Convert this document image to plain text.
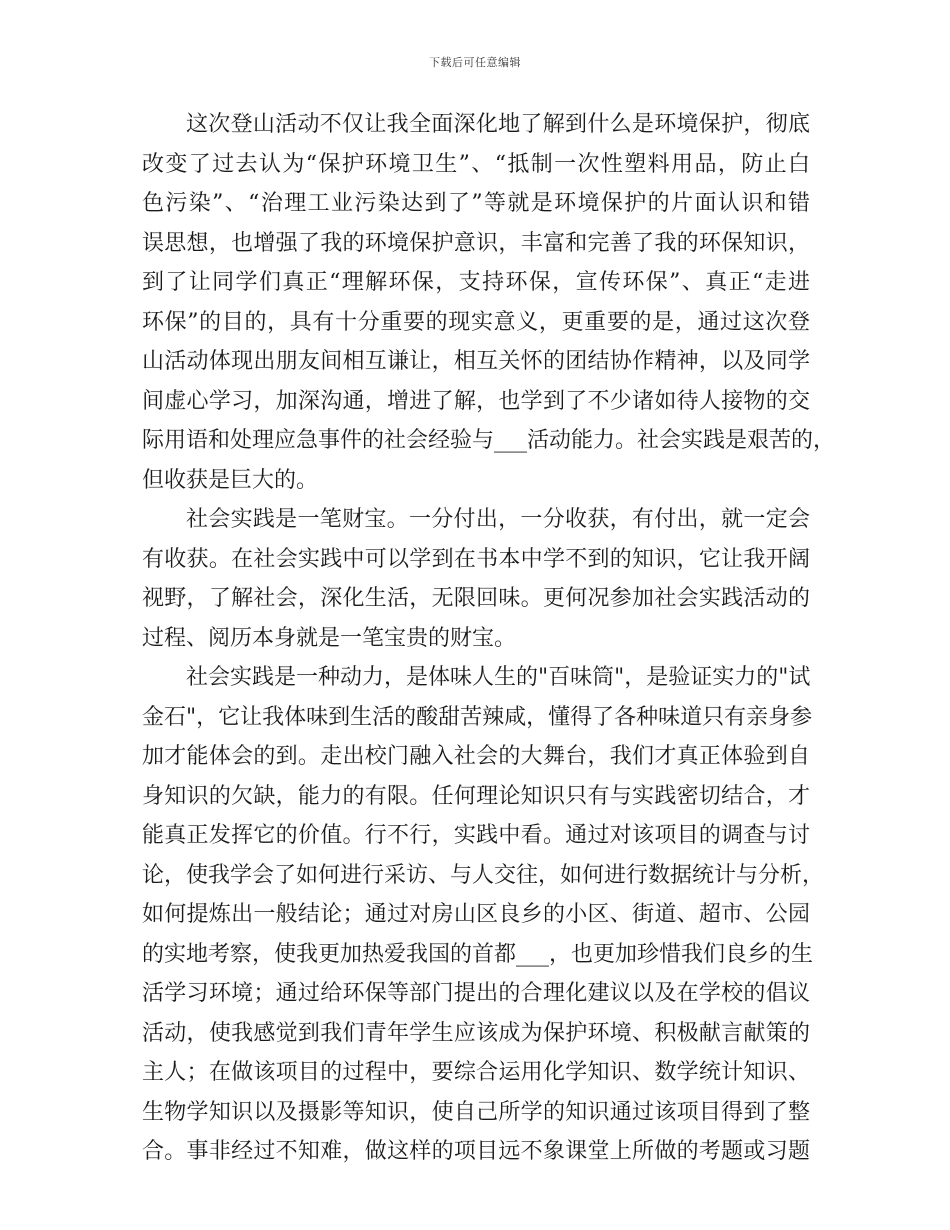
下载后可任意编辑
这次登山活动不仅让我全面深化地了解到什么是环境保护，彻底
改变了过去认为“保护环境卫生”、“抵制一次性塑料用品，防止白
色污染”、“治理工业污染达到了”等就是环境保护的片面认识和错
误思想，也增强了我的环境保护意识，丰富和完善了我的环保知识，
到了让同学们真正“理解环保，支持环保，宣传环保”、真正“走进
环保”的目的，具有十分重要的现实意义，更重要的是，通过这次登
山活动体现出朋友间相互谦让，相互关怀的团结协作精神，以及同学
间虚心学习，加深沟通，增进了解，也学到了不少诸如待人接物的交
际用语和处理应急事件的社会经验与___活动能力。社会实践是艰苦的，
但收获是巨大的。
社会实践是一笔财宝。一分付出，一分收获，有付出，就一定会
有收获。在社会实践中可以学到在书本中学不到的知识，它让我开阔
视野，了解社会，深化生活，无限回味。更何况参加社会实践活动的
过程、阅历本身就是一笔宝贵的财宝。
社会实践是一种动力，是体味人生的"百味筒"，是验证实力的"试
金石"，它让我体味到生活的酸甜苦辣咸，懂得了各种味道只有亲身参
加才能体会的到。走出校门融入社会的大舞台，我们才真正体验到自
身知识的欠缺，能力的有限。任何理论知识只有与实践密切结合，才
能真正发挥它的价值。行不行，实践中看。通过对该项目的调查与讨
论，使我学会了如何进行采访、与人交往，如何进行数据统计与分析，
如何提炼出一般结论；通过对房山区良乡的小区、街道、超市、公园
的实地考察，使我更加热爱我国的首都___，也更加珍惜我们良乡的生
活学习环境；通过给环保等部门提出的合理化建议以及在学校的倡议
活动，使我感觉到我们青年学生应该成为保护环境、积极献言献策的
主人；在做该项目的过程中，要综合运用化学知识、数学统计知识、
生物学知识以及摄影等知识，使自己所学的知识通过该项目得到了整
合。事非经过不知难，做这样的项目远不象课堂上所做的考题或习题
